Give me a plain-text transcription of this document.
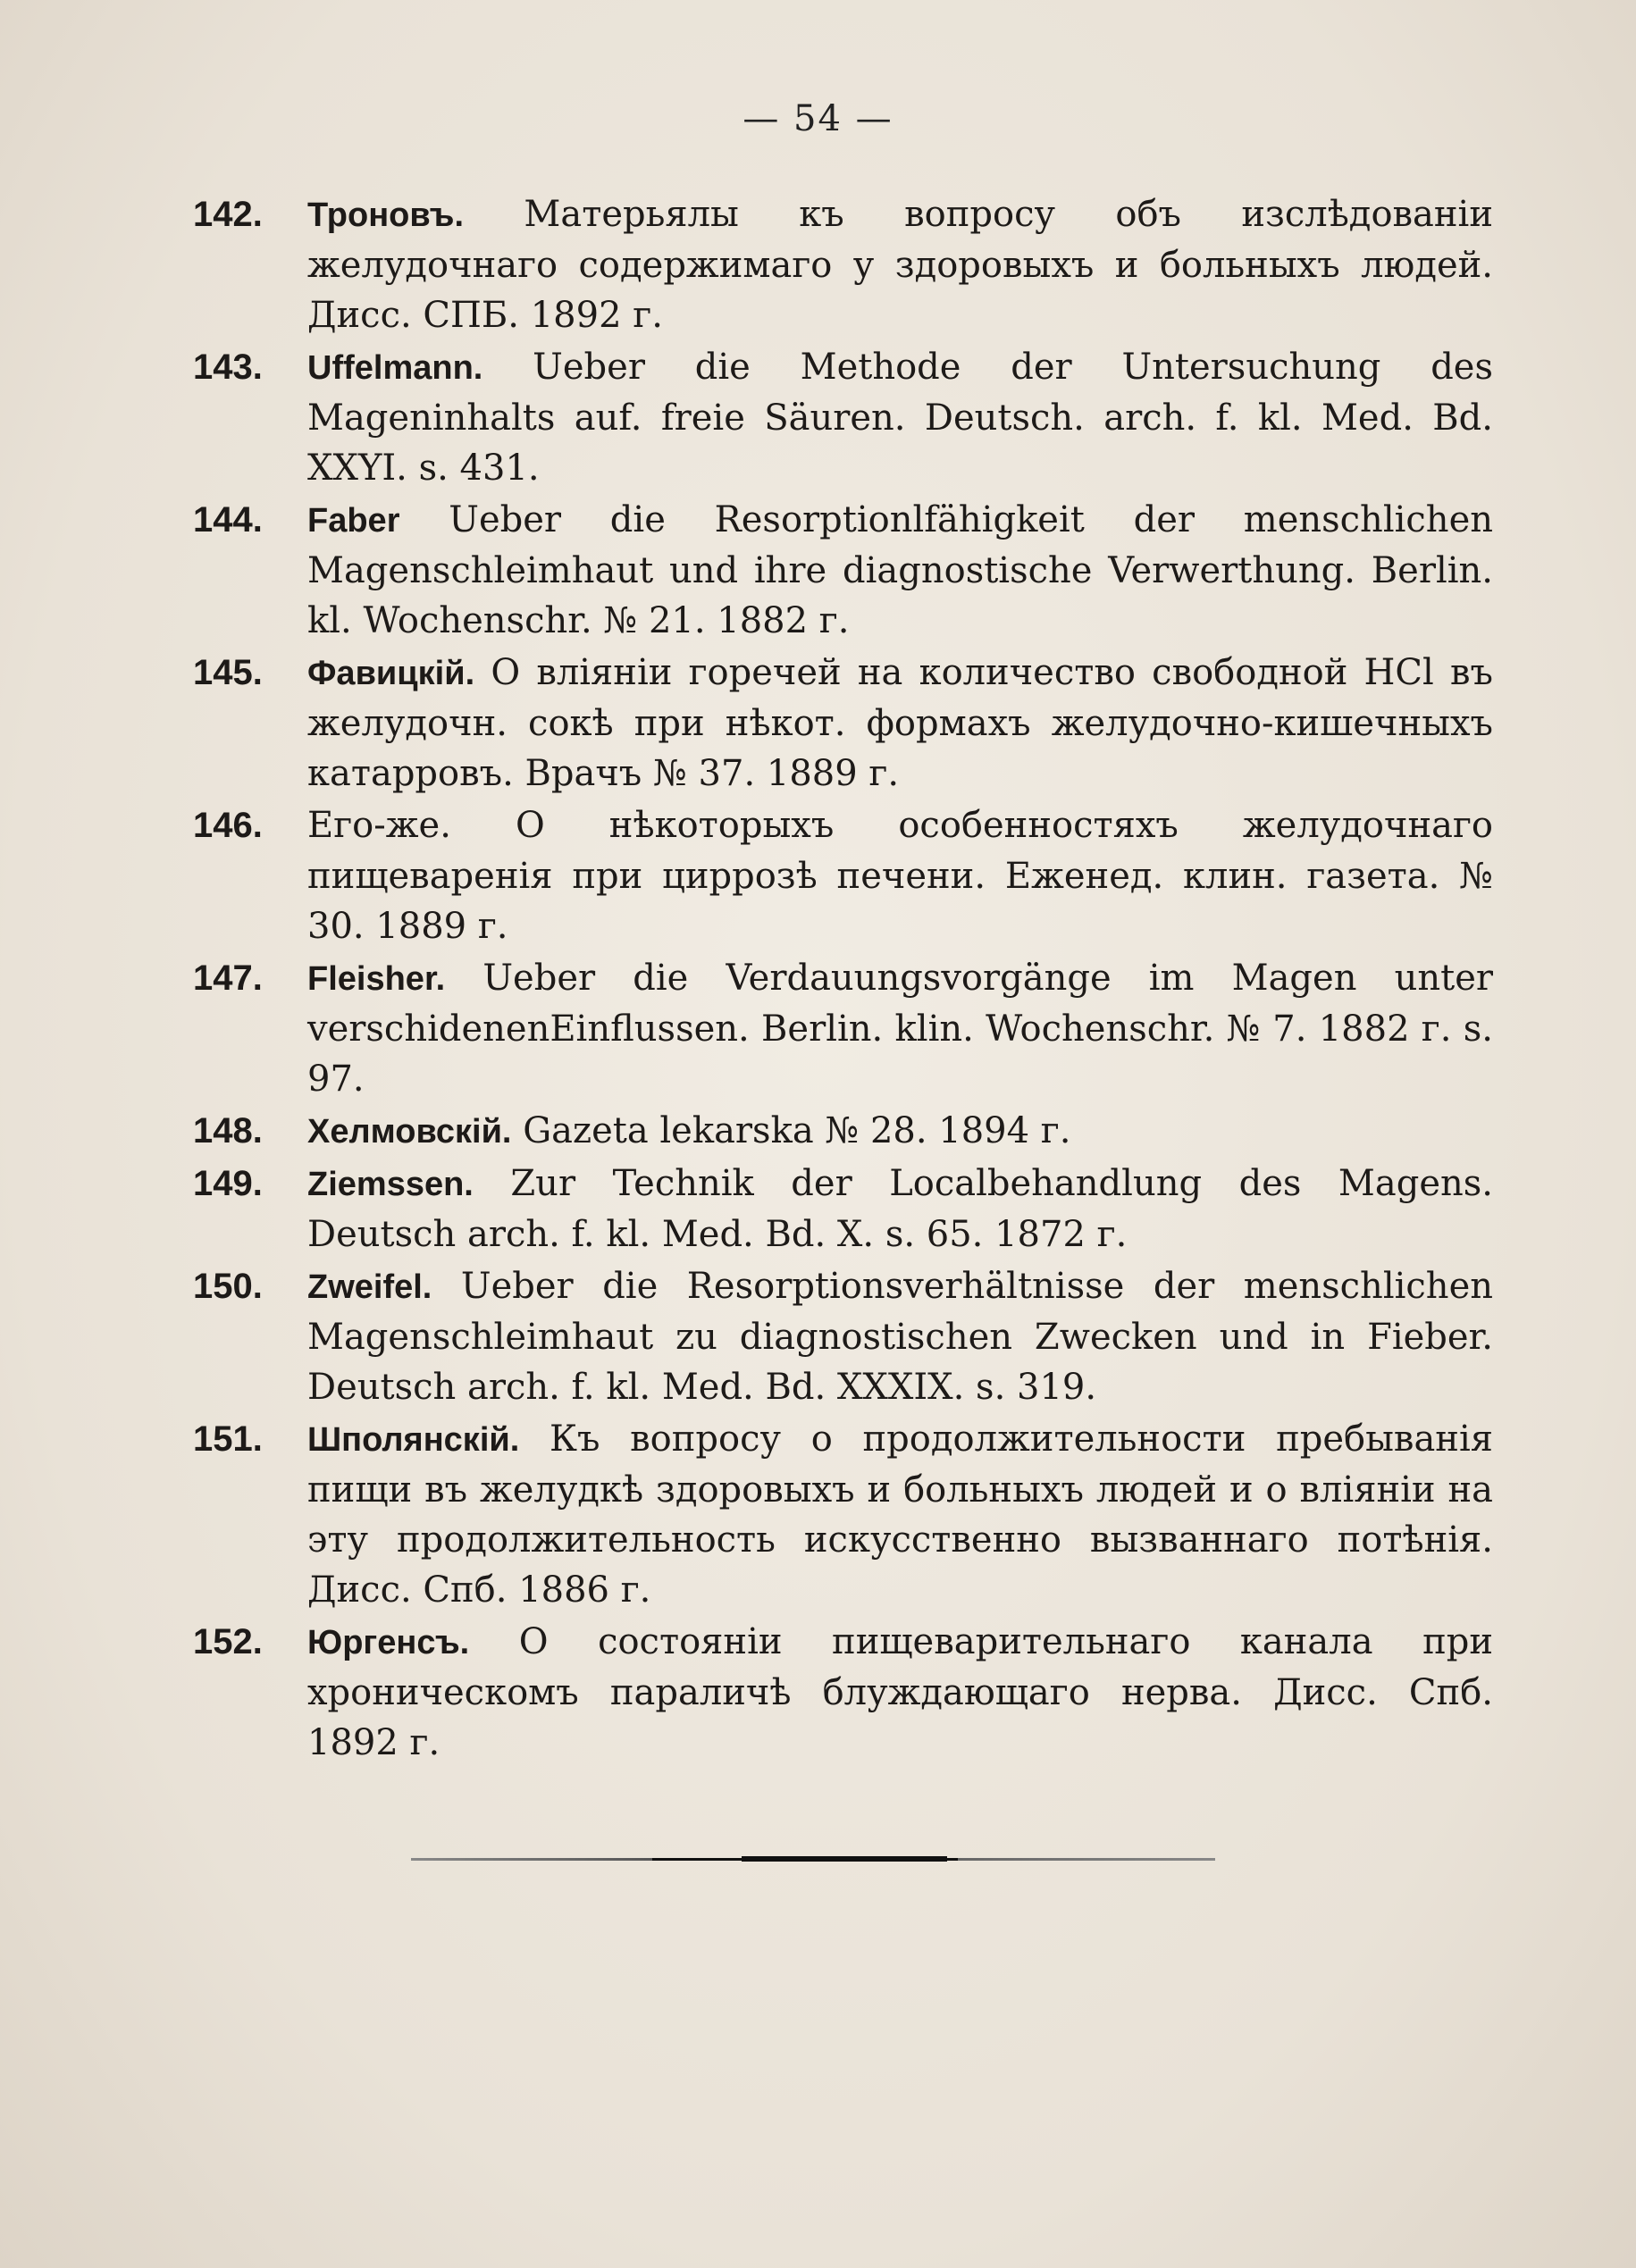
— 54 —
142.	Троновъ. Матерьялы къ вопросу объ изслѣдованіи желудочнаго содержимаго у здоровыхъ и больныхъ людей. Дисс. СПБ. 1892 г.
143.	Uffelmann. Ueber die Methode der Untersuchung des Mageninhalts auf. freie Säuren. Deutsch. arch. f. kl. Med. Bd. XXYI. s. 431.
144.	Faber Ueber die Resorptionlfähigkeit der menschlichen Magenschleimhaut und ihre diagnostische Verwerthung. Berlin. kl. Wochenschr. № 21. 1882 г.
145.	Фавицкій. О вліяніи горечей на количество свободной HCl въ желудочн. сокѣ при нѣкот. формахъ желудочно-кишечныхъ катарровъ. Врачъ № 37. 1889 г.
146.	Его-же. О нѣкоторыхъ особенностяхъ желудочнаго пищеваренія при циррозѣ печени. Еженед. клин. газета. № 30. 1889 г.
147.	Fleisher. Ueber die Verdauungsvorgänge im Magen unter verschidenenEinflussen. Berlin. klin. Wochenschr. № 7. 1882 г. s. 97.
148.	Хелмовскій. Gazeta lekarska № 28. 1894 г.
149.	Ziemssen. Zur Technik der Localbehandlung des Magens. Deutsch arch. f. kl. Med. Bd. X. s. 65. 1872 г.
150.	Zweifel. Ueber die Resorptionsverhältnisse der menschlichen Magenschleimhaut zu diagnostischen Zwecken und in Fieber. Deutsch arch. f. kl. Med. Bd. XXXIX. s. 319.
151.	Шполянскій. Къ вопросу о продолжительности пребыванія пищи въ желудкѣ здоровыхъ и больныхъ людей и о вліяніи на эту продолжительность искусственно вызваннаго потѣнія. Дисс. Спб. 1886 г.
152.	Юргенсъ. О состояніи пищеварительнаго канала при хроническомъ параличѣ блуждающаго нерва. Дисс. Спб. 1892 г.
